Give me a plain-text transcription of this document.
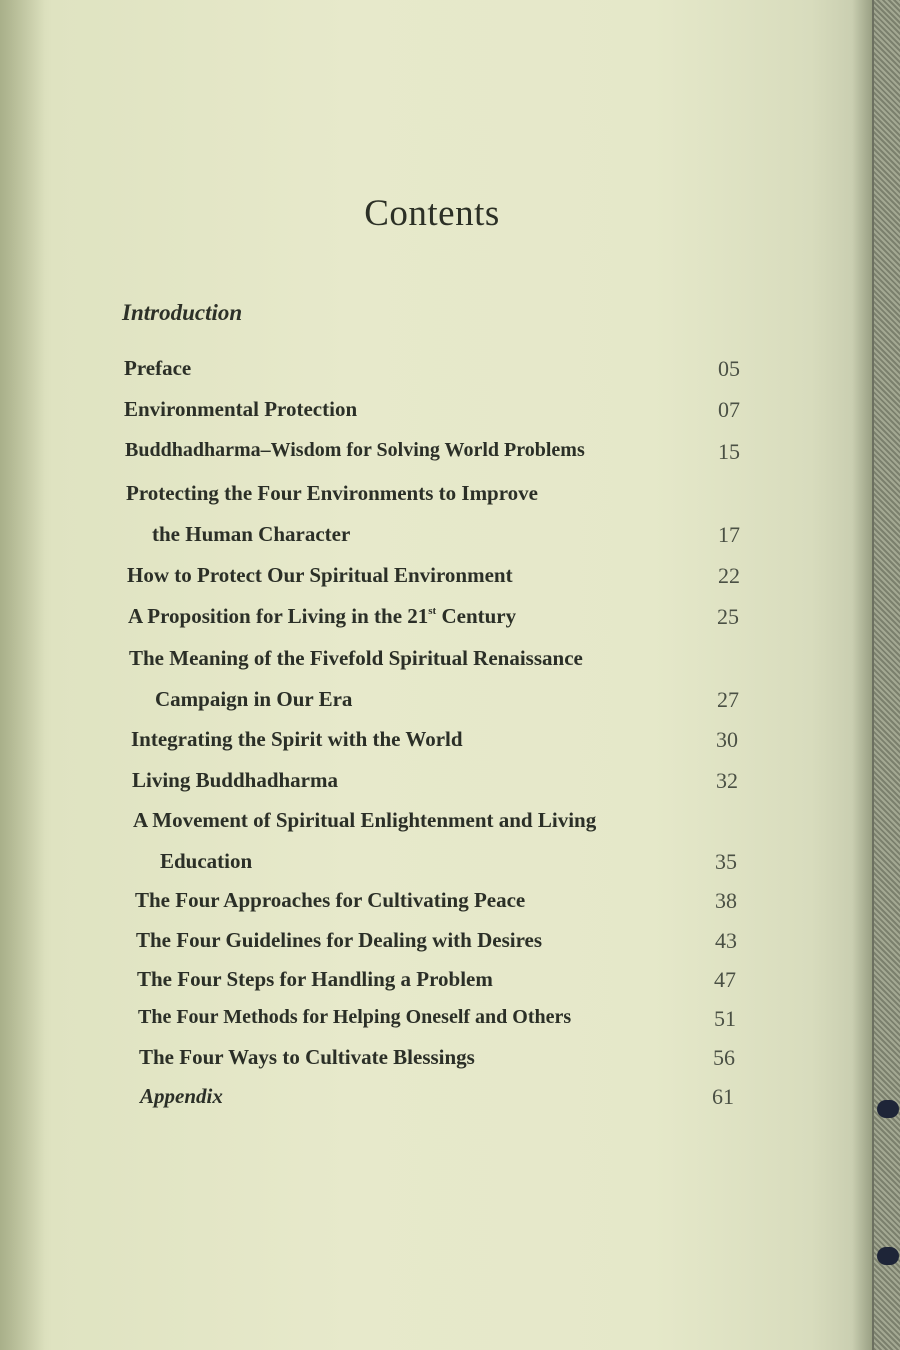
Contents
Introduction
Preface	05
Environmental Protection	07
Buddhadharma–Wisdom for Solving World Problems	15
Protecting the Four Environments to Improve
the Human Character	17
How to Protect Our Spiritual Environment	22
A Proposition for Living in the 21st Century	25
The Meaning of the Fivefold Spiritual Renaissance
Campaign in Our Era	27
Integrating the Spirit with the World	30
Living Buddhadharma	32
A Movement of Spiritual Enlightenment and Living
Education	35
The Four Approaches for Cultivating Peace	38
The Four Guidelines for Dealing with Desires	43
The Four Steps for Handling a Problem	47
The Four Methods for Helping Oneself and Others	51
The Four Ways to Cultivate Blessings	56
Appendix	61
